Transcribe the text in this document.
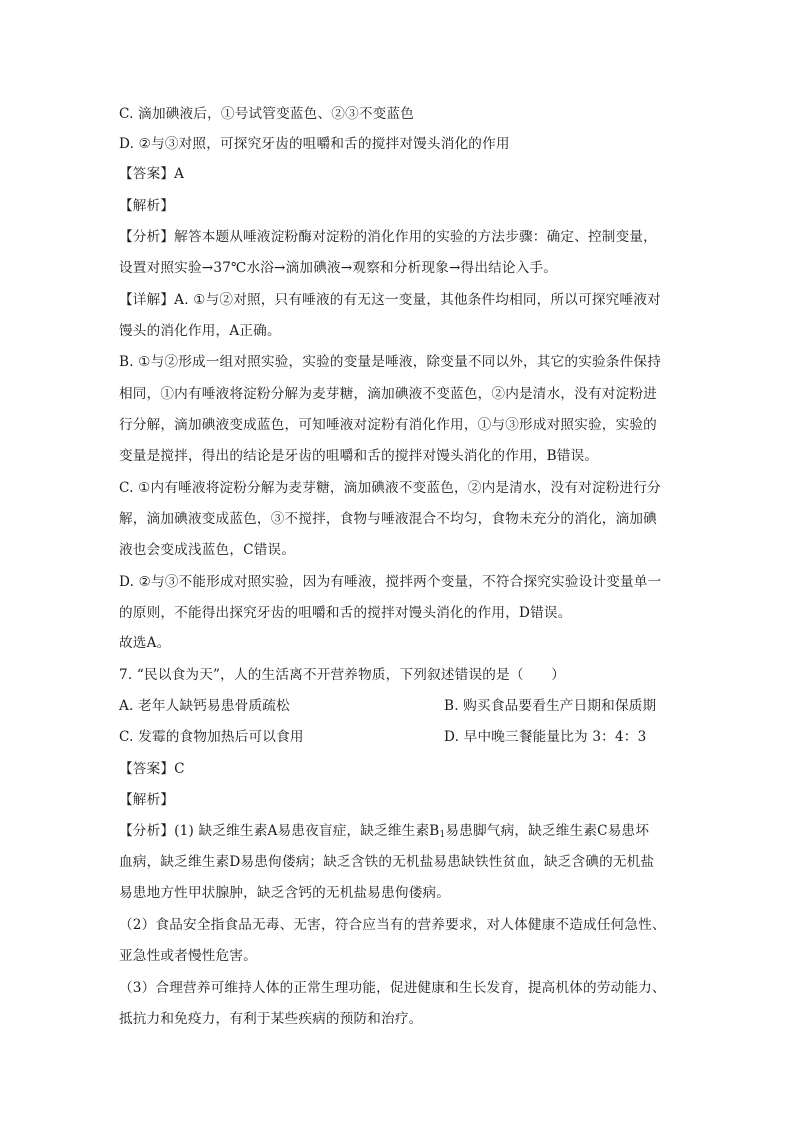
C. 滴加碘液后，①号试管变蓝色、②③不变蓝色
D. ②与③对照，可探究牙齿的咀嚼和舌的搅拌对馒头消化的作用
【答案】A
【解析】
【分析】解答本题从唾液淀粉酶对淀粉的消化作用的实验的方法步骤：确定、控制变量，
设置对照实验→37℃水浴→滴加碘液→观察和分析现象→得出结论入手。
【详解】A. ①与②对照，只有唾液的有无这一变量，其他条件均相同，所以可探究唾液对
馒头的消化作用，A正确。
B. ①与②形成一组对照实验，实验的变量是唾液，除变量不同以外，其它的实验条件保持
相同，①内有唾液将淀粉分解为麦芽糖，滴加碘液不变蓝色，②内是清水，没有对淀粉进
行分解，滴加碘液变成蓝色，可知唾液对淀粉有消化作用，①与③形成对照实验，实验的
变量是搅拌，得出的结论是牙齿的咀嚼和舌的搅拌对馒头消化的作用，B错误。
C. ①内有唾液将淀粉分解为麦芽糖，滴加碘液不变蓝色，②内是清水，没有对淀粉进行分
解，滴加碘液变成蓝色，③不搅拌，食物与唾液混合不均匀，食物未充分的消化，滴加碘
液也会变成浅蓝色，C错误。
D. ②与③不能形成对照实验，因为有唾液，搅拌两个变量，不符合探究实验设计变量单一
的原则，不能得出探究牙齿的咀嚼和舌的搅拌对馒头消化的作用，D错误。
故选A。
7. “民以食为天”，人的生活离不开营养物质，下列叙述错误的是（　　）
A. 老年人缺钙易患骨质疏松	B. 购买食品要看生产日期和保质期
C. 发霉的食物加热后可以食用	D. 早中晚三餐能量比为 3：4：3
【答案】C
【解析】
【分析】(1) 缺乏维生素A易患夜盲症，缺乏维生素$B_1$易患脚气病，缺乏维生素C易患坏
血病，缺乏维生素D易患佝偻病；缺乏含铁的无机盐易患缺铁性贫血，缺乏含碘的无机盐
易患地方性甲状腺肿，缺乏含钙的无机盐易患佝偻病。
（2）食品安全指食品无毒、无害，符合应当有的营养要求，对人体健康不造成任何急性、
亚急性或者慢性危害。
（3）合理营养可维持人体的正常生理功能，促进健康和生长发育，提高机体的劳动能力、
抵抗力和免疫力，有利于某些疾病的预防和治疗。
